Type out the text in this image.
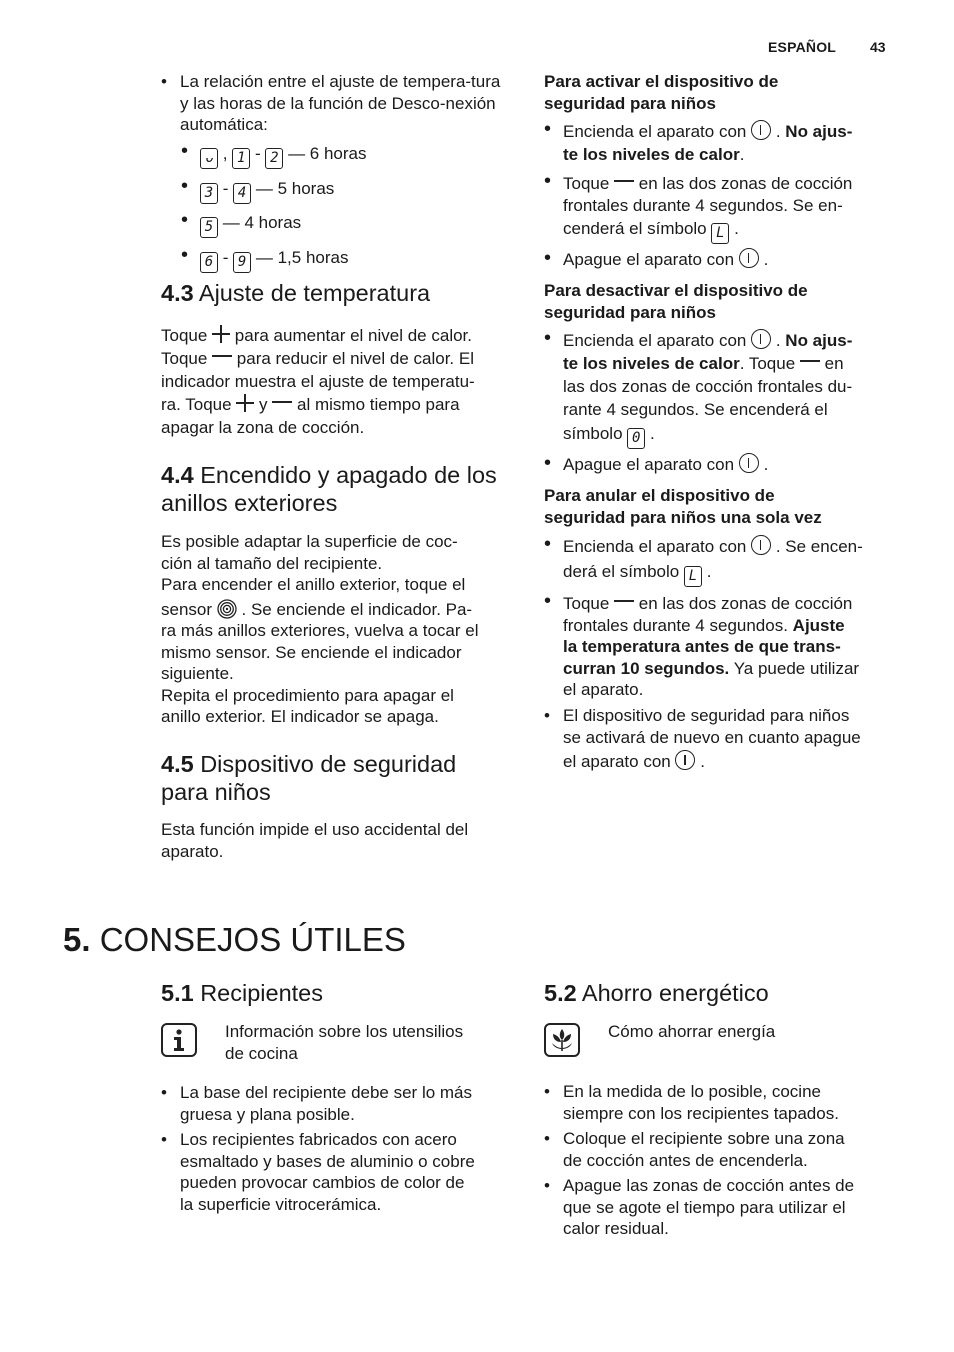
ESPAÑOL 43

• La relación entre el ajuste de tempera-tura y las horas de la función de Desco-nexión automática:

• ᴗ , 1 - 2 — 6 horas

• 3 - 4 — 5 horas

• 5 — 4 horas

• 6 - 9 — 1,5 horas

4.3 Ajuste de temperatura

Toque para aumentar el nivel de calor.

Toque para reducir el nivel de calor. El

indicador muestra el ajuste de temperatu-

ra. Toque y al mismo tiempo para

apagar la zona de cocción.

4.4 Encendido y apagado de los
anillos exteriores

Es posible adaptar la superficie de coc-

ción al tamaño del recipiente.

Para encender el anillo exterior, toque el

sensor . Se enciende el indicador. Pa-

ra más anillos exteriores, vuelva a tocar el

mismo sensor. Se enciende el indicador

siguiente.

Repita el procedimiento para apagar el

anillo exterior. El indicador se apaga.

4.5 Dispositivo de seguridad
para niños

Esta función impide el uso accidental del

aparato.

Para activar el dispositivo de
seguridad para niños

• Encienda el aparato con . No ajus-
te los niveles de calor.

• Toque en las dos zonas de cocción
frontales durante 4 segundos. Se en-
cenderá el símbolo L .

• Apague el aparato con .

Para desactivar el dispositivo de
seguridad para niños

• Encienda el aparato con . No ajus-
te los niveles de calor. Toque en
las dos zonas de cocción frontales du-
rante 4 segundos. Se encenderá el
símbolo 0 .

• Apague el aparato con .

Para anular el dispositivo de
seguridad para niños una sola vez

• Encienda el aparato con . Se encen-
derá el símbolo L .

• Toque en las dos zonas de cocción
frontales durante 4 segundos. Ajuste
la temperatura antes de que trans-
curran 10 segundos. Ya puede utilizar
el aparato.

• El dispositivo de seguridad para niños
se activará de nuevo en cuanto apague
el aparato con .

5. CONSEJOS ÚTILES
5.1 Recipientes
Información sobre los utensilios
de cocina

• La base del recipiente debe ser lo más
gruesa y plana posible.

• Los recipientes fabricados con acero
esmaltado y bases de aluminio o cobre
pueden provocar cambios de color de
la superficie vitrocerámica.

5.2 Ahorro energético
Cómo ahorrar energía

• En la medida de lo posible, cocine
siempre con los recipientes tapados.

• Coloque el recipiente sobre una zona
de cocción antes de encenderla.

• Apague las zonas de cocción antes de
que se agote el tiempo para utilizar el
calor residual.
